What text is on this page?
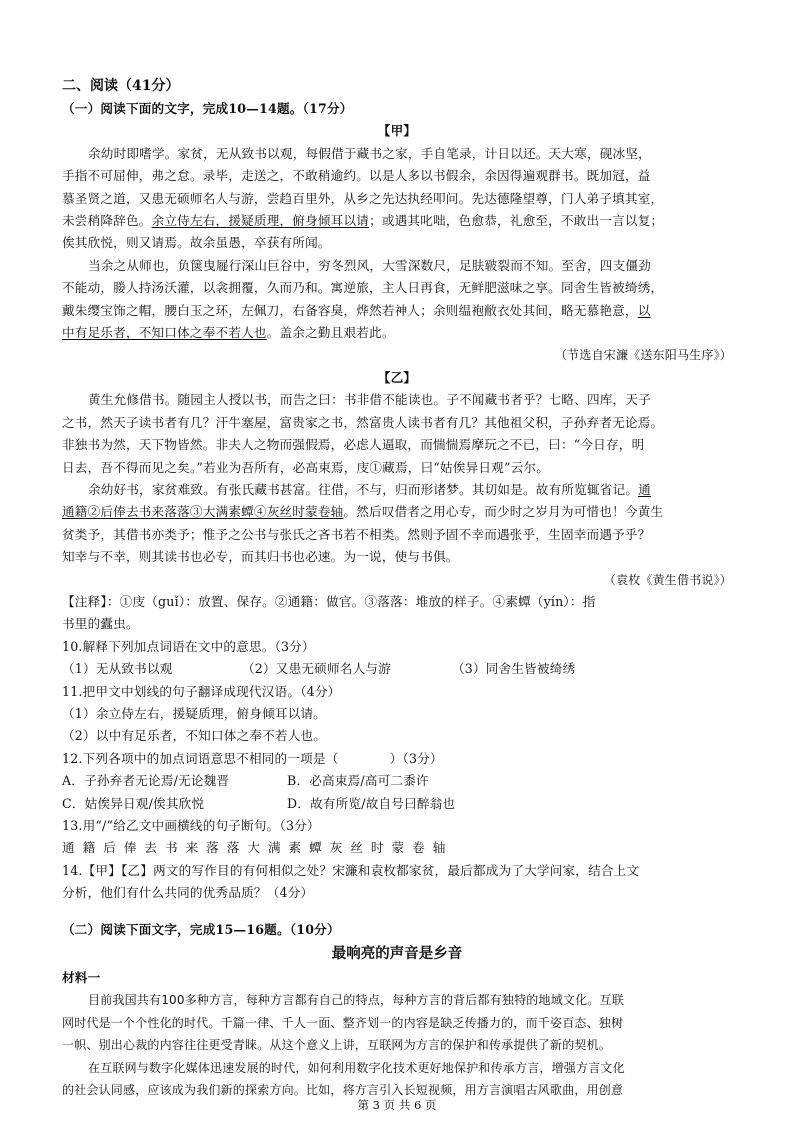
二、阅读（41分）
（一）阅读下面的文字，完成10—14题。（17分）
【甲】
余幼时即嗜学。家贫，无从致书以观，每假借于藏书之家，手自笔录，计日以还。天大寒，砚冰坚，
手指不可屈伸，弗之怠。录毕，走送之，不敢稍逾约。以是人多以书假余，余因得遍观群书。既加冠，益
慕圣贤之道，又患无硕师名人与游，尝趋百里外，从乡之先达执经叩问。先达德隆望尊，门人弟子填其室，
未尝稍降辞色。余立侍左右，援疑质理，俯身倾耳以请；或遇其叱咄，色愈恭，礼愈至，不敢出一言以复；
俟其欣悦，则又请焉。故余虽愚，卒获有所闻。
当余之从师也，负箧曳屣行深山巨谷中，穷冬烈风，大雪深数尺，足肤皲裂而不知。至舍，四支僵劲
不能动，媵人持汤沃灌，以衾拥覆，久而乃和。寓逆旅，主人日再食，无鲜肥滋味之享。同舍生皆被绮绣，
戴朱缨宝饰之帽，腰白玉之环，左佩刀，右备容臭，烨然若神人；余则缊袍敝衣处其间，略无慕艳意，以
中有足乐者，不知口体之奉不若人也。盖余之勤且艰若此。
（节选自宋濂《送东阳马生序》）
【乙】
黄生允修借书。随园主人授以书，而告之曰：书非借不能读也。子不闻藏书者乎？七略、四库，天子
之书，然天子读书者有几？汗牛塞屋，富贵家之书，然富贵人读书者有几？其他祖父积，子孙弃者无论焉。
非独书为然，天下物皆然。非夫人之物而强假焉，必虑人逼取，而惴惴焉摩玩之不已，曰：“今日存，明
日去，吾不得而见之矣。”若业为吾所有，必高束焉，庋①藏焉，曰“姑俟异日观”云尔。
余幼好书，家贫难致。有张氏藏书甚富。往借，不与，归而形诸梦。其切如是。故有所览辄省记。通
通籍②后俸去书来落落③大满素蟫④灰丝时蒙卷轴。然后叹借者之用心专，而少时之岁月为可惜也！今黄生
贫类予，其借书亦类予；惟予之公书与张氏之吝书若不相类。然则予固不幸而遇张乎，生固幸而遇予乎？
知幸与不幸，则其读书也必专，而其归书也必速。为一说，使与书俱。
（袁枚《黄生借书说》）
【注释】：①庋（guǐ）：放置、保存。②通籍：做官。③落落：堆放的样子。④素蟫（yín）：指
书里的蠹虫。
10.解释下列加点词语在文中的意思。（3分）
（1）无从致书以观	（2）又患无硕师名人与游	（3）同舍生皆被绮绣
11.把甲文中划线的句子翻译成现代汉语。（4分）
（1）余立侍左右，援疑质理，俯身倾耳以请。
（2）以中有足乐者，不知口体之奉不若人也。
12.下列各项中的加点词语意思不相同的一项是（　　　　）（3分）
A．子孙弃者无论焉/无论魏晋	B．必高束焉/高可二黍许
C．姑俟异日观/俟其欣悦	D．故有所览/故自号曰醉翁也
13.用“/”给乙文中画横线的句子断句。（3分）
通籍后俸去书来落落大满素蟫灰丝时蒙卷轴
14.【甲】【乙】两文的写作目的有何相似之处？宋濂和袁枚都家贫，最后都成为了大学问家，结合上文
分析，他们有什么共同的优秀品质？（4分）
（二）阅读下面文字，完成15—16题。（10分）
最响亮的声音是乡音
材料一
目前我国共有100多种方言，每种方言都有自己的特点，每种方言的背后都有独特的地域文化。互联
网时代是一个个性化的时代。千篇一律、千人一面、整齐划一的内容是缺乏传播力的，而千姿百态、独树
一帜、别出心裁的内容往往更受青睐。从这个意义上讲，互联网为方言的保护和传承提供了新的契机。
在互联网与数字化媒体迅速发展的时代，如何利用数字化技术更好地保护和传承方言，增强方言文化
的社会认同感，应该成为我们新的探索方向。比如，将方言引入长短视频，用方言演唱古风歌曲，用创意
第 3 页 共 6 页
